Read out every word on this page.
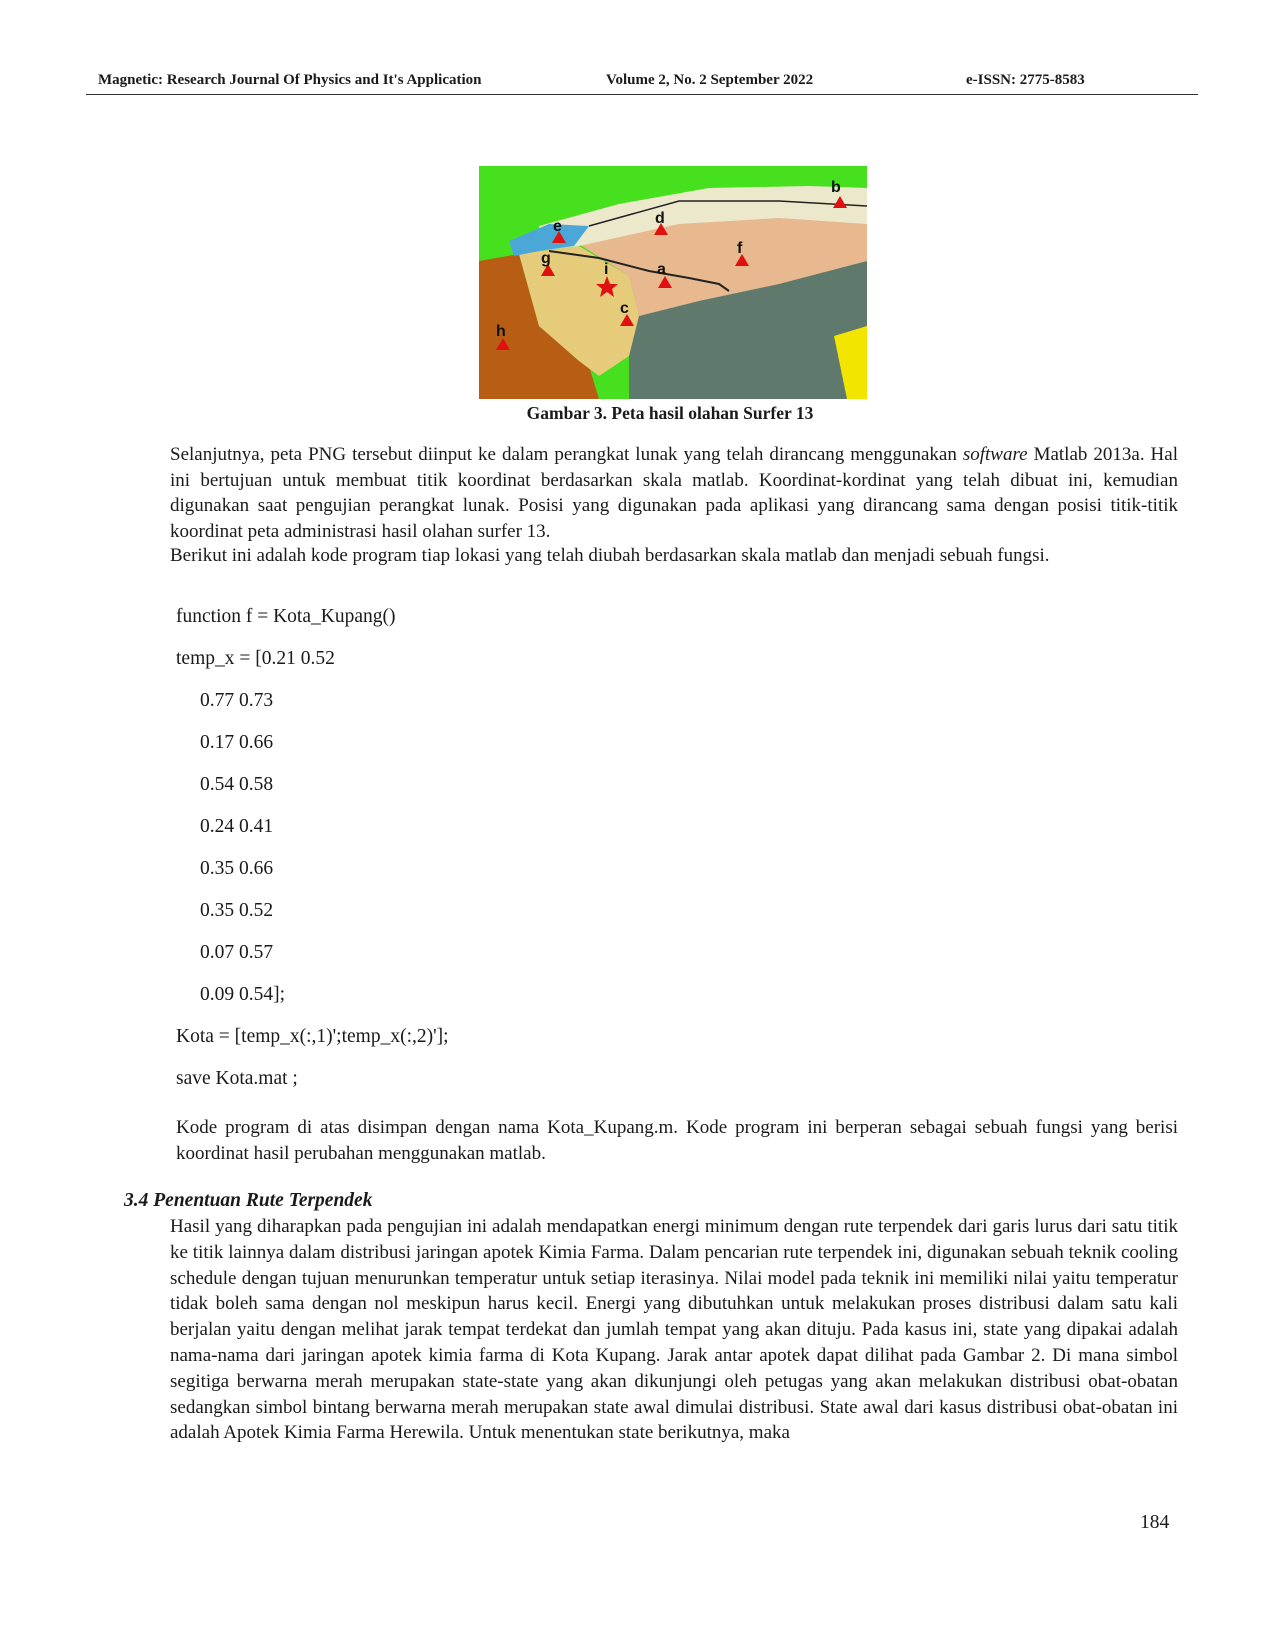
Magnetic: Research Journal Of Physics and It's Application	Volume 2, No. 2 September 2022	e-ISSN: 2775-8583
b
e	d
f
g
a
c
h
i
Gambar 3. Peta hasil olahan Surfer 13

Selanjutnya, peta PNG tersebut diinput ke dalam perangkat lunak yang telah dirancang menggunakan software Matlab 2013a. Hal ini bertujuan untuk membuat titik koordinat berdasarkan skala matlab. Koordinat-kordinat yang telah dibuat ini, kemudian digunakan saat pengujian perangkat lunak. Posisi yang digunakan pada aplikasi yang dirancang sama dengan posisi titik-titik koordinat peta administrasi hasil olahan surfer 13.

Berikut ini adalah kode program tiap lokasi yang telah diubah berdasarkan skala matlab dan menjadi sebuah fungsi.

function f = Kota_Kupang()
temp_x = [0.21 0.52
0.77 0.73
0.17 0.66
0.54 0.58
0.24 0.41
0.35 0.66
0.35 0.52
0.07 0.57
0.09 0.54];
Kota = [temp_x(:,1)';temp_x(:,2)'];
save Kota.mat ;

Kode program di atas disimpan dengan nama Kota_Kupang.m. Kode program ini berperan sebagai sebuah fungsi yang berisi koordinat hasil perubahan menggunakan matlab.

3.4 Penentuan Rute Terpendek

Hasil yang diharapkan pada pengujian ini adalah mendapatkan energi minimum dengan rute terpendek dari garis lurus dari satu titik ke titik lainnya dalam distribusi jaringan apotek Kimia Farma. Dalam pencarian rute terpendek ini, digunakan sebuah teknik cooling schedule dengan tujuan menurunkan temperatur untuk setiap iterasinya. Nilai model pada teknik ini memiliki nilai yaitu temperatur tidak boleh sama dengan nol meskipun harus kecil. Energi yang dibutuhkan untuk melakukan proses distribusi dalam satu kali berjalan yaitu dengan melihat jarak tempat terdekat dan jumlah tempat yang akan dituju. Pada kasus ini, state yang dipakai adalah nama-nama dari jaringan apotek kimia farma di Kota Kupang. Jarak antar apotek dapat dilihat pada Gambar 2. Di mana simbol segitiga berwarna merah merupakan state-state yang akan dikunjungi oleh petugas yang akan melakukan distribusi obat-obatan sedangkan simbol bintang berwarna merah merupakan state awal dimulai distribusi. State awal dari kasus distribusi obat-obatan ini adalah Apotek Kimia Farma Herewila. Untuk menentukan state berikutnya, maka

184
